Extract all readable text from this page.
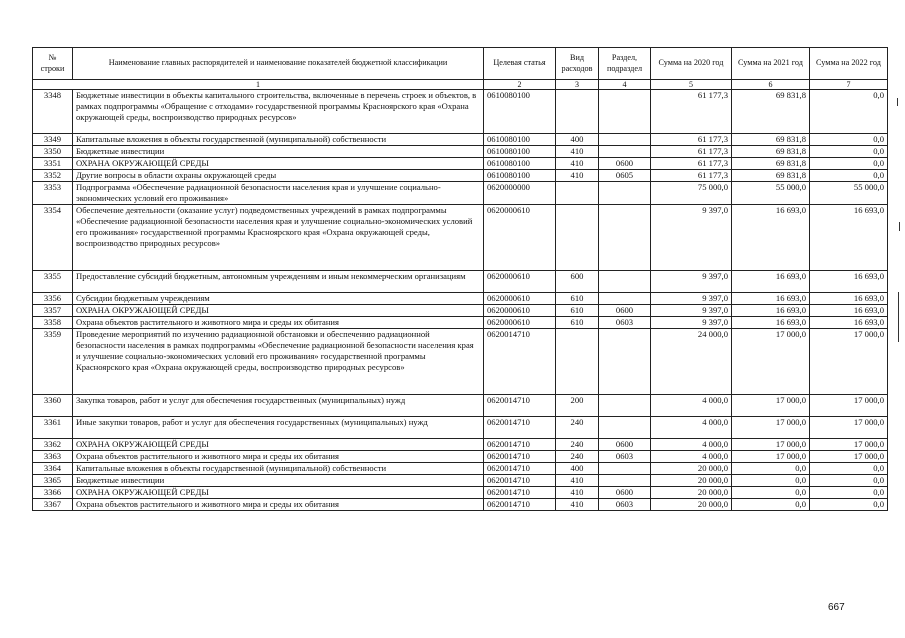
№ строки	Наименование главных распорядителей и наименование показателей бюджетной классификации	Целевая статья	Вид расходов	Раздел, подраздел	Сумма на 2020 год	Сумма на 2021 год	Сумма на 2022 год
1		2	3	4	5	6	7
3348	Бюджетные инвестиции в объекты капитального строительства, включенные в перечень строек и объектов, в рамках подпрограммы «Обращение с отходами» государственной программы Красноярского края «Охрана окружающей среды, воспроизводство природных ресурсов»	0610080100			61 177,3	69 831,8	0,0
3349	Капитальные вложения в объекты государственной (муниципальной) собственности	0610080100	400		61 177,3	69 831,8	0,0
3350	Бюджетные инвестиции	0610080100	410		61 177,3	69 831,8	0,0
3351	ОХРАНА ОКРУЖАЮЩЕЙ СРЕДЫ	0610080100	410	0600	61 177,3	69 831,8	0,0
3352	Другие вопросы в области охраны окружающей среды	0610080100	410	0605	61 177,3	69 831,8	0,0
3353	Подпрограмма «Обеспечение радиационной безопасности населения края и улучшение социально-экономических условий его проживания»	0620000000			75 000,0	55 000,0	55 000,0
3354	Обеспечение деятельности (оказание услуг) подведомственных учреждений в рамках подпрограммы «Обеспечение радиационной безопасности населения края и улучшение социально-экономических условий его проживания» государственной программы Красноярского края «Охрана окружающей среды, воспроизводство природных ресурсов»	0620000610			9 397,0	16 693,0	16 693,0
3355	Предоставление субсидий бюджетным, автономным учреждениям и иным некоммерческим организациям	0620000610	600		9 397,0	16 693,0	16 693,0
3356	Субсидии бюджетным учреждениям	0620000610	610		9 397,0	16 693,0	16 693,0
3357	ОХРАНА ОКРУЖАЮЩЕЙ СРЕДЫ	0620000610	610	0600	9 397,0	16 693,0	16 693,0
3358	Охрана объектов растительного и животного мира и среды их обитания	0620000610	610	0603	9 397,0	16 693,0	16 693,0
3359	Проведение мероприятий по изучению радиационной обстановки и обеспечению радиационной безопасности населения в рамках подпрограммы «Обеспечение радиационной безопасности населения края и улучшение социально-экономических условий его проживания» государственной программы Красноярского края «Охрана окружающей среды, воспроизводство природных ресурсов»	0620014710			24 000,0	17 000,0	17 000,0
3360	Закупка товаров, работ и услуг для обеспечения государственных (муниципальных) нужд	0620014710	200		4 000,0	17 000,0	17 000,0
3361	Иные закупки товаров, работ и услуг для обеспечения государственных (муниципальных) нужд	0620014710	240		4 000,0	17 000,0	17 000,0
3362	ОХРАНА ОКРУЖАЮЩЕЙ СРЕДЫ	0620014710	240	0600	4 000,0	17 000,0	17 000,0
3363	Охрана объектов растительного и животного мира и среды их обитания	0620014710	240	0603	4 000,0	17 000,0	17 000,0
3364	Капитальные вложения в объекты государственной (муниципальной) собственности	0620014710	400		20 000,0	0,0	0,0
3365	Бюджетные инвестиции	0620014710	410		20 000,0	0,0	0,0
3366	ОХРАНА ОКРУЖАЮЩЕЙ СРЕДЫ	0620014710	410	0600	20 000,0	0,0	0,0
3367	Охрана объектов растительного и животного мира и среды их обитания	0620014710	410	0603	20 000,0	0,0	0,0
667
